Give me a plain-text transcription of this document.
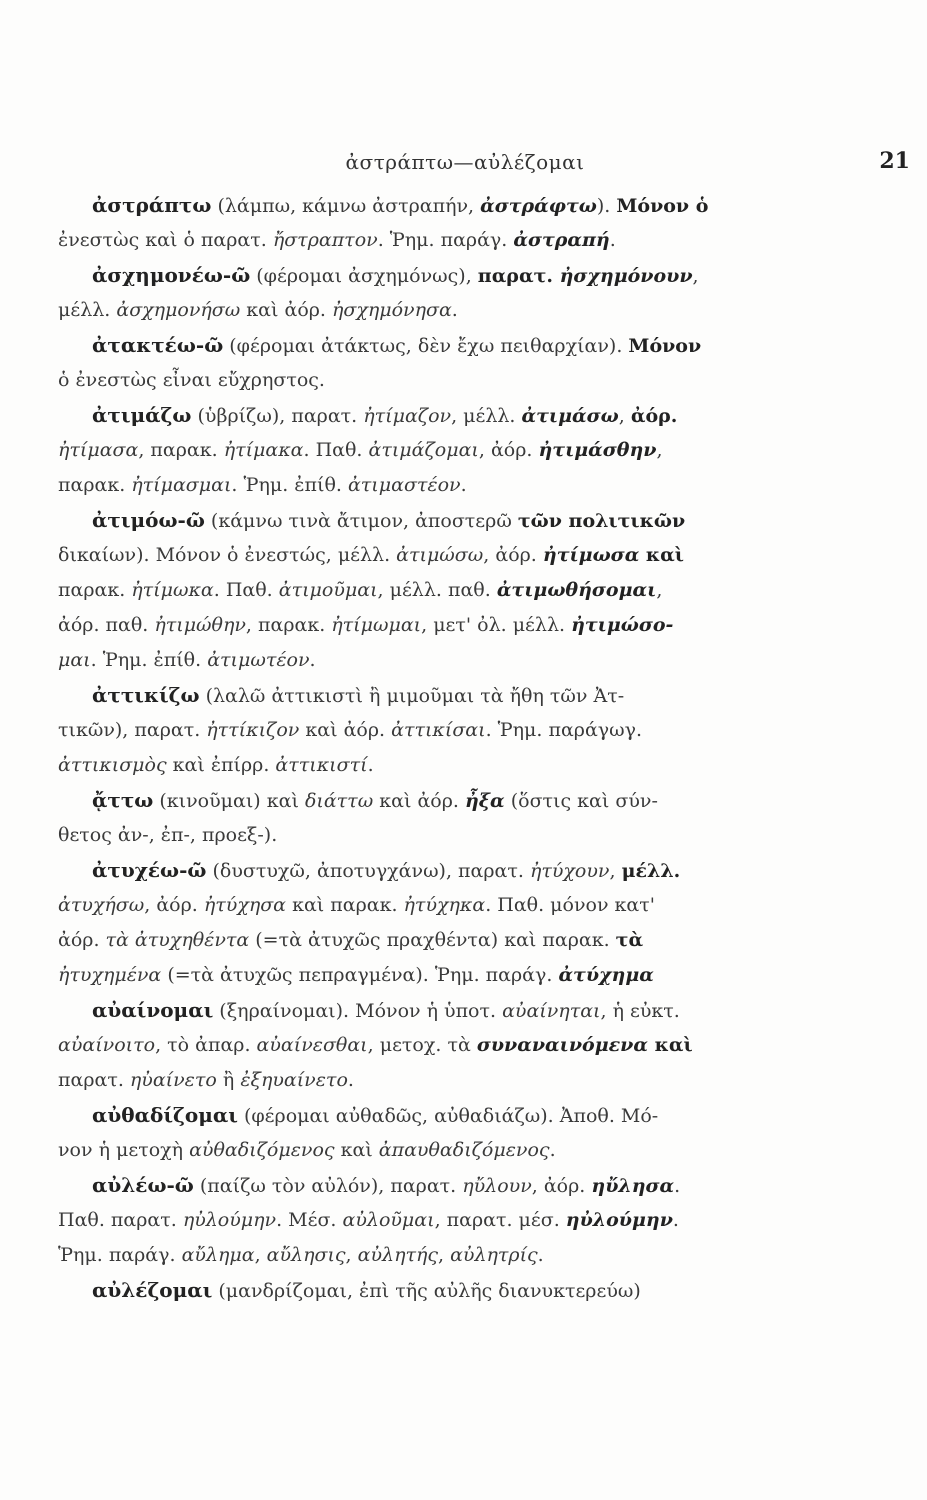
ἀστράπτω—αὐλέζομαι	21
ἀστράπτω (λάμπω, κάμνω ἀστραπήν, ἀστράφτω). Μόνον ὁ
ἐνεστὼς καὶ ὁ παρατ. ἤστραπτον. Ῥημ. παράγ. ἀστραπή.
ἀσχημονέω-ῶ (φέρομαι ἀσχημόνως), παρατ. ἠσχημόνουν,
μέλλ. ἀσχημονήσω καὶ ἀόρ. ἠσχημόνησα.
ἀτακτέω-ῶ (φέρομαι ἀτάκτως, δὲν ἔχω πειθαρχίαν). Μόνον
ὁ ἐνεστὼς εἶναι εὔχρηστος.
ἀτιμάζω (ὑβρίζω), παρατ. ἠτίμαζον, μέλλ. ἀτιμάσω, ἀόρ.
ἠτίμασα, παρακ. ἠτίμακα. Παθ. ἀτιμάζομαι, ἀόρ. ἠτιμάσθην,
παρακ. ἠτίμασμαι. Ῥημ. ἐπίθ. ἀτιμαστέον.
ἀτιμόω-ῶ (κάμνω τινὰ ἄτιμον, ἀποστερῶ τῶν πολιτικῶν
δικαίων). Μόνον ὁ ἐνεστώς, μέλλ. ἀτιμώσω, ἀόρ. ἠτίμωσα καὶ
παρακ. ἠτίμωκα. Παθ. ἀτιμοῦμαι, μέλλ. παθ. ἀτιμωθήσομαι,
ἀόρ. παθ. ἠτιμώθην, παρακ. ἠτίμωμαι, μετ' ὀλ. μέλλ. ἠτιμώσο-
μαι. Ῥημ. ἐπίθ. ἀτιμωτέον.
ἀττικίζω (λαλῶ ἀττικιστὶ ἢ μιμοῦμαι τὰ ἤθη τῶν Ἀτ-
τικῶν), παρατ. ἠττίκιζον καὶ ἀόρ. ἀττικίσαι. Ῥημ. παράγωγ.
ἀττικισμὸς καὶ ἐπίρρ. ἀττικιστί.
ᾄττω (κινοῦμαι) καὶ διάττω καὶ ἀόρ. ἦξα (ὅστις καὶ σύν-
θετος ἀν-, ἐπ-, προεξ-).
ἀτυχέω-ῶ (δυστυχῶ, ἀποτυγχάνω), παρατ. ἠτύχουν, μέλλ.
ἀτυχήσω, ἀόρ. ἠτύχησα καὶ παρακ. ἠτύχηκα. Παθ. μόνον κατ'
ἀόρ. τὰ ἀτυχηθέντα (=τὰ ἀτυχῶς πραχθέντα) καὶ παρακ. τὰ
ἠτυχημένα (=τὰ ἀτυχῶς πεπραγμένα). Ῥημ. παράγ. ἀτύχημα
αὐαίνομαι (ξηραίνομαι). Μόνον ἡ ὑποτ. αὐαίνηται, ἡ εὐκτ.
αὐαίνοιτο, τὸ ἀπαρ. αὐαίνεσθαι, μετοχ. τὰ συναναινόμενα καὶ
παρατ. ηὐαίνετο ἢ ἐξηυαίνετο.
αὐθαδίζομαι (φέρομαι αὐθαδῶς, αὐθαδιάζω). Ἀποθ. Μό-
νον ἡ μετοχὴ αὐθαδιζόμενος καὶ ἀπαυθαδιζόμενος.
αὐλέω-ῶ (παίζω τὸν αὐλόν), παρατ. ηὔλουν, ἀόρ. ηὔλησα.
Παθ. παρατ. ηὐλούμην. Μέσ. αὐλοῦμαι, παρατ. μέσ. ηὐλούμην.
Ῥημ. παράγ. αὔλημα, αὔλησις, αὐλητής, αὐλητρίς.
αὐλέζομαι (μανδρίζομαι, ἐπὶ τῆς αὐλῆς διανυκτερεύω)
